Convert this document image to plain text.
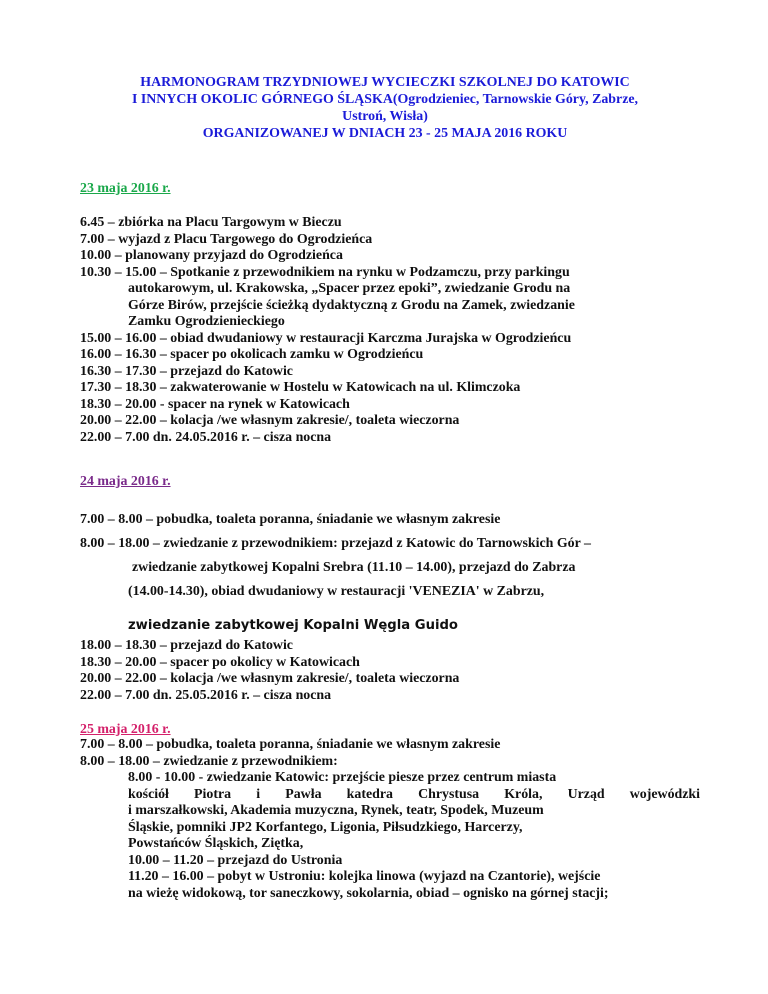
HARMONOGRAM TRZYDNIOWEJ WYCIECZKI SZKOLNEJ DO KATOWIC
I INNYCH OKOLIC GÓRNEGO ŚLĄSKA(Ogrodzieniec, Tarnowskie Góry, Zabrze,
Ustroń, Wisła)
ORGANIZOWANEJ W DNIACH 23 - 25 MAJA 2016 ROKU
23 maja 2016 r.
6.45 – zbiórka na Placu Targowym w Bieczu
7.00 – wyjazd z Placu Targowego do Ogrodzieńca
10.00 – planowany przyjazd do Ogrodzieńca
10.30 – 15.00 – Spotkanie z przewodnikiem na rynku w Podzamczu, przy parkingu
autokarowym, ul. Krakowska, „Spacer przez epoki”, zwiedzanie Grodu na
Górze Birów, przejście ścieżką dydaktyczną z Grodu na Zamek, zwiedzanie
Zamku Ogrodzienieckiego
15.00 – 16.00 – obiad dwudaniowy w restauracji Karczma Jurajska w Ogrodzieńcu
16.00 – 16.30 – spacer po okolicach zamku w Ogrodzieńcu
16.30 – 17.30 – przejazd do Katowic
17.30 – 18.30 – zakwaterowanie w Hostelu w Katowicach na ul. Klimczoka
18.30 – 20.00 - spacer na rynek w Katowicach
20.00 – 22.00 – kolacja /we własnym zakresie/, toaleta wieczorna
22.00 – 7.00 dn. 24.05.2016 r. – cisza nocna
24 maja 2016 r.
7.00 – 8.00 – pobudka, toaleta poranna, śniadanie we własnym zakresie
8.00 – 18.00 – zwiedzanie z przewodnikiem: przejazd z Katowic do Tarnowskich Gór –
zwiedzanie zabytkowej Kopalni Srebra (11.10 – 14.00), przejazd do Zabrza
(14.00-14.30), obiad dwudaniowy w restauracji 'VENEZIA' w Zabrzu,
zwiedzanie zabytkowej Kopalni Węgla Guido
18.00 – 18.30 – przejazd do Katowic
18.30 – 20.00 – spacer po okolicy w Katowicach
20.00 – 22.00 – kolacja /we własnym zakresie/, toaleta wieczorna
22.00 – 7.00 dn. 25.05.2016 r. – cisza nocna
25 maja 2016 r.
7.00 – 8.00 – pobudka, toaleta poranna, śniadanie we własnym zakresie
8.00 – 18.00 – zwiedzanie z przewodnikiem:
8.00 - 10.00 - zwiedzanie Katowic: przejście piesze przez centrum miasta
kościół Piotra i Pawła katedra Chrystusa Króla, Urząd wojewódzki
i marszałkowski, Akademia muzyczna, Rynek, teatr, Spodek, Muzeum
Śląskie, pomniki JP2 Korfantego, Ligonia, Piłsudzkiego, Harcerzy,
Powstańców Śląskich, Ziętka,
10.00 – 11.20 – przejazd do Ustronia
11.20 – 16.00 – pobyt w Ustroniu: kolejka linowa (wyjazd na Czantorie), wejście
na wieżę widokową, tor saneczkowy, sokolarnia, obiad – ognisko na górnej stacji;
